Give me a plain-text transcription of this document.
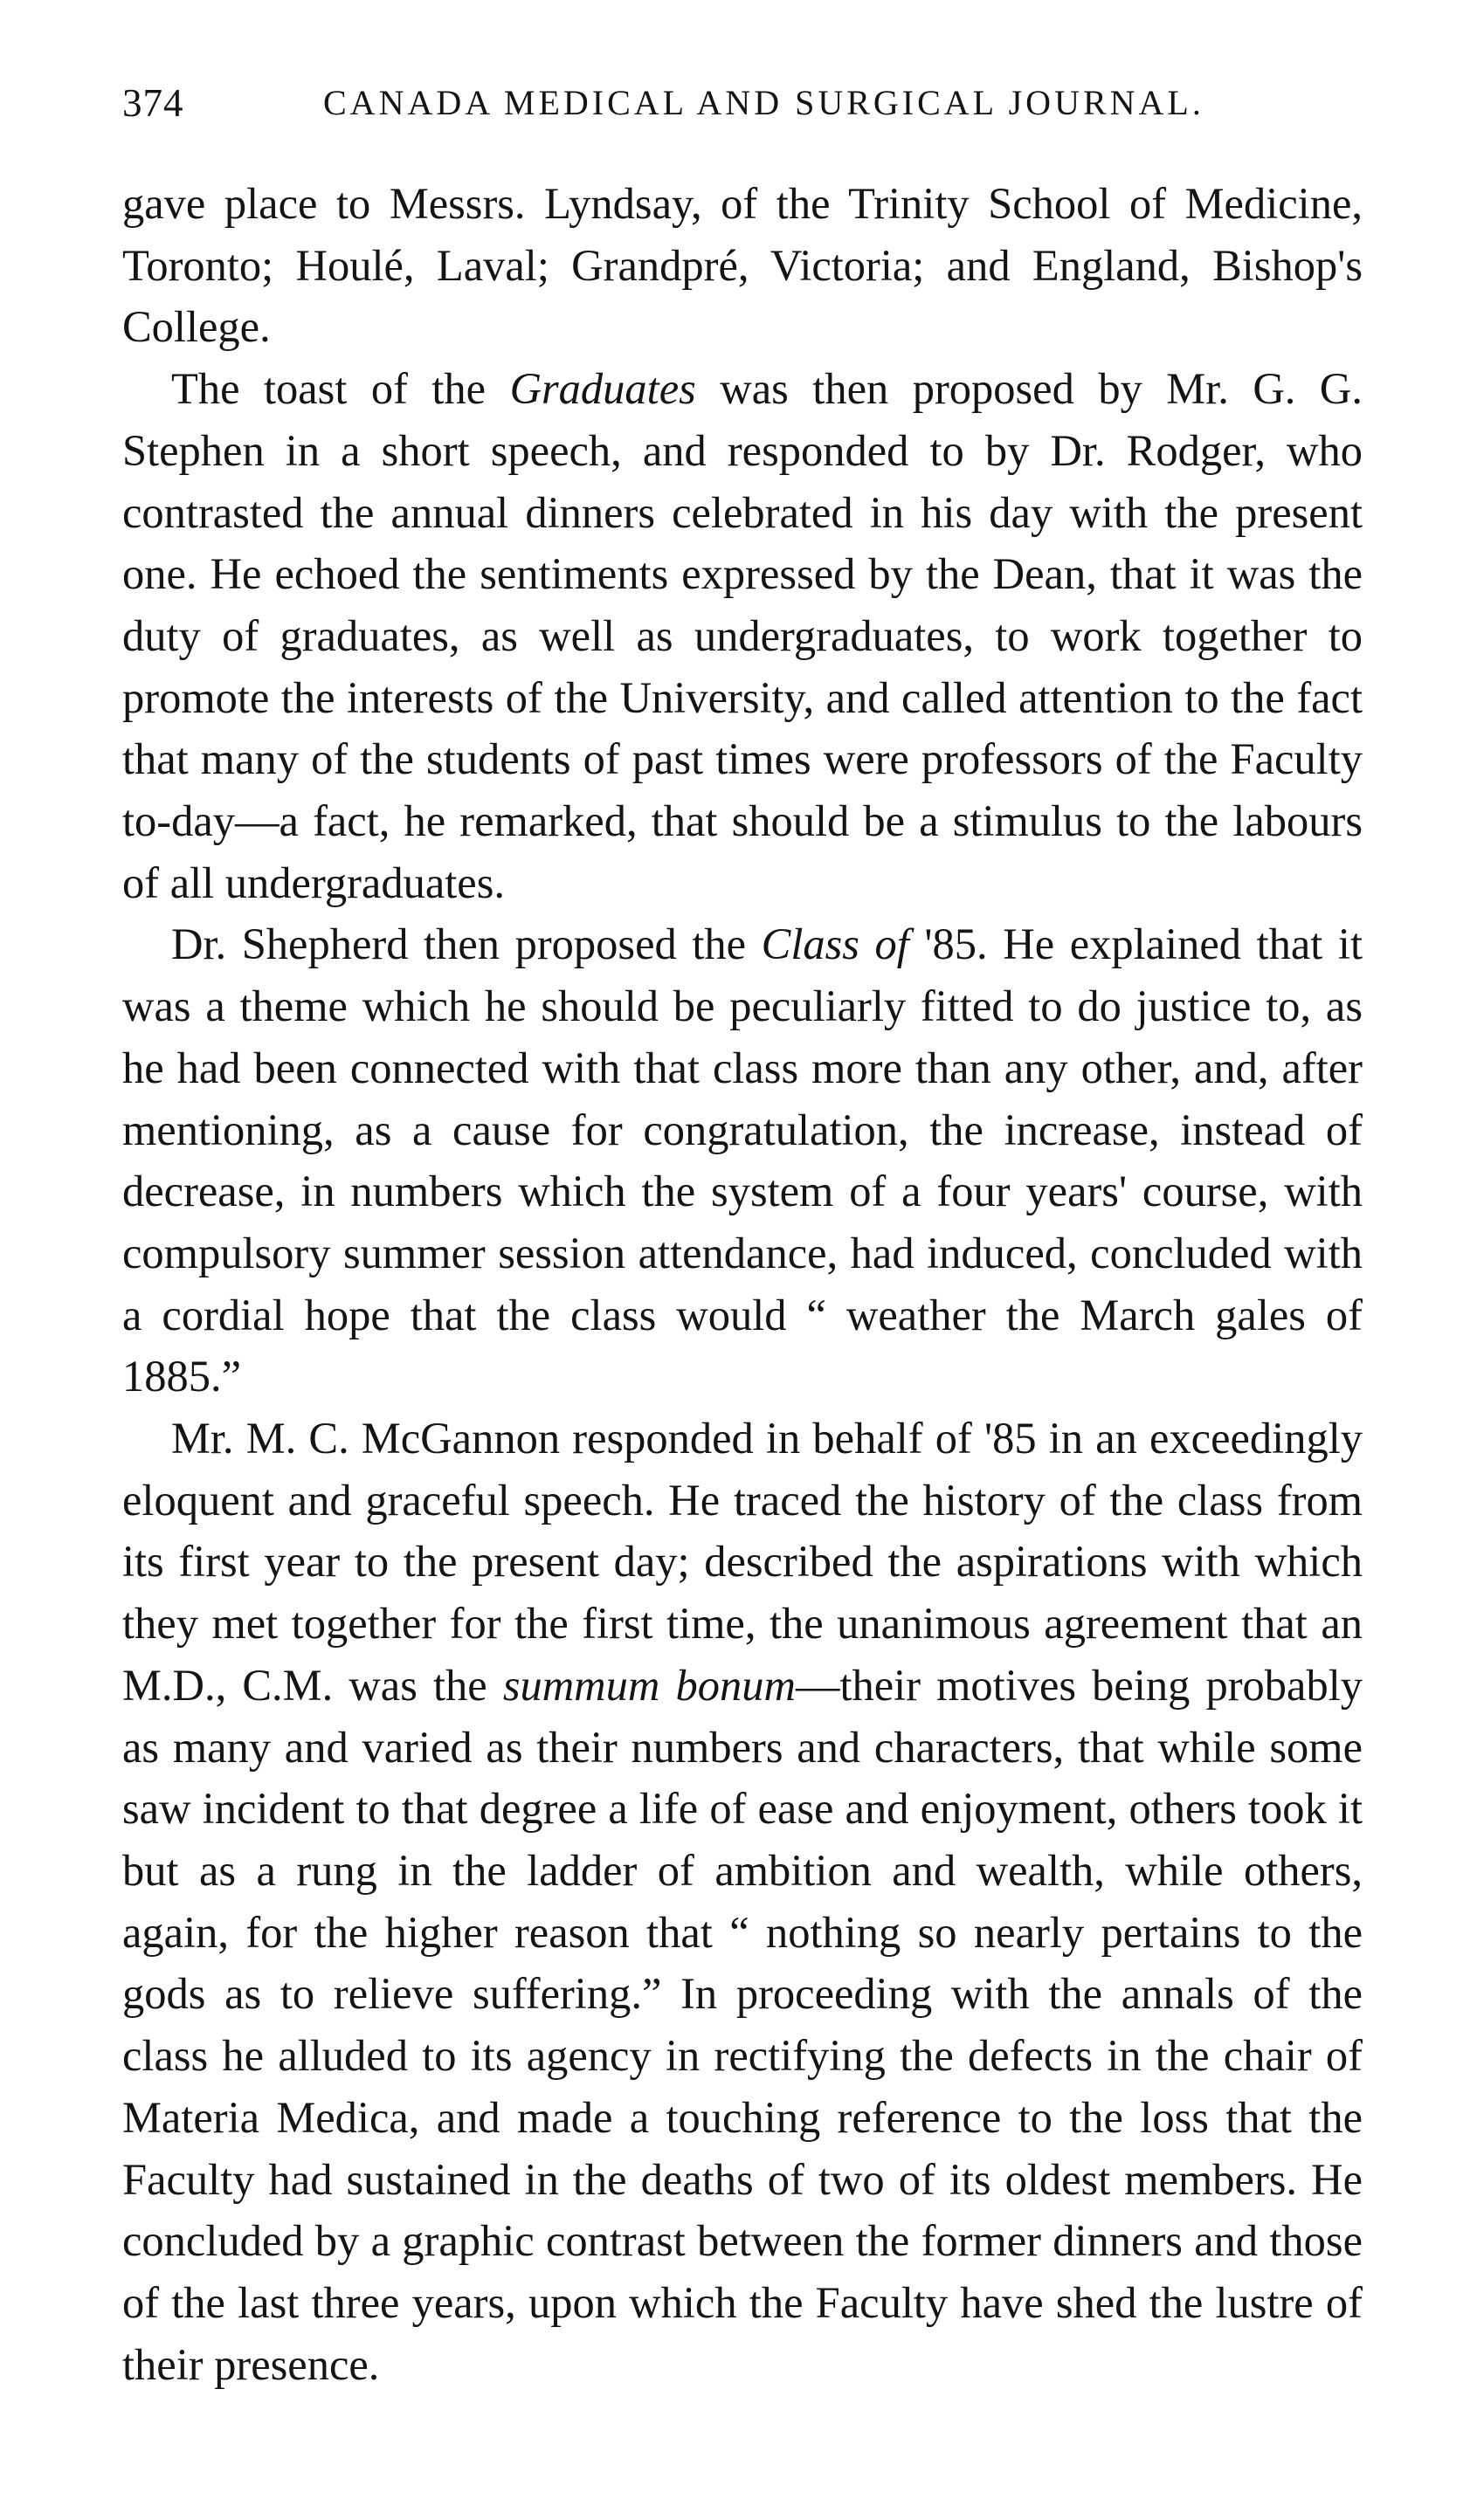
374	CANADA MEDICAL AND SURGICAL JOURNAL.

gave place to Messrs. Lyndsay, of the Trinity School of Medicine, Toronto; Houlé, Laval; Grandpré, Victoria; and England, Bishop's College.

The toast of the Graduates was then proposed by Mr. G. G. Stephen in a short speech, and responded to by Dr. Rodger, who contrasted the annual dinners celebrated in his day with the present one. He echoed the sentiments expressed by the Dean, that it was the duty of graduates, as well as undergraduates, to work together to promote the interests of the University, and called attention to the fact that many of the students of past times were professors of the Faculty to-day—a fact, he remarked, that should be a stimulus to the labours of all undergraduates.

Dr. Shepherd then proposed the Class of '85. He explained that it was a theme which he should be peculiarly fitted to do justice to, as he had been connected with that class more than any other, and, after mentioning, as a cause for congratulation, the increase, instead of decrease, in numbers which the system of a four years' course, with compulsory summer session attendance, had induced, concluded with a cordial hope that the class would “ weather the March gales of 1885.”

Mr. M. C. McGannon responded in behalf of '85 in an exceedingly eloquent and graceful speech. He traced the history of the class from its first year to the present day; described the aspirations with which they met together for the first time, the unanimous agreement that an M.D., C.M. was the summum bonum—their motives being probably as many and varied as their numbers and characters, that while some saw incident to that degree a life of ease and enjoyment, others took it but as a rung in the ladder of ambition and wealth, while others, again, for the higher reason that “ nothing so nearly pertains to the gods as to relieve suffering.” In proceeding with the annals of the class he alluded to its agency in rectifying the defects in the chair of Materia Medica, and made a touching reference to the loss that the Faculty had sustained in the deaths of two of its oldest members. He concluded by a graphic contrast between the former dinners and those of the last three years, upon which the Faculty have shed the lustre of their presence.
